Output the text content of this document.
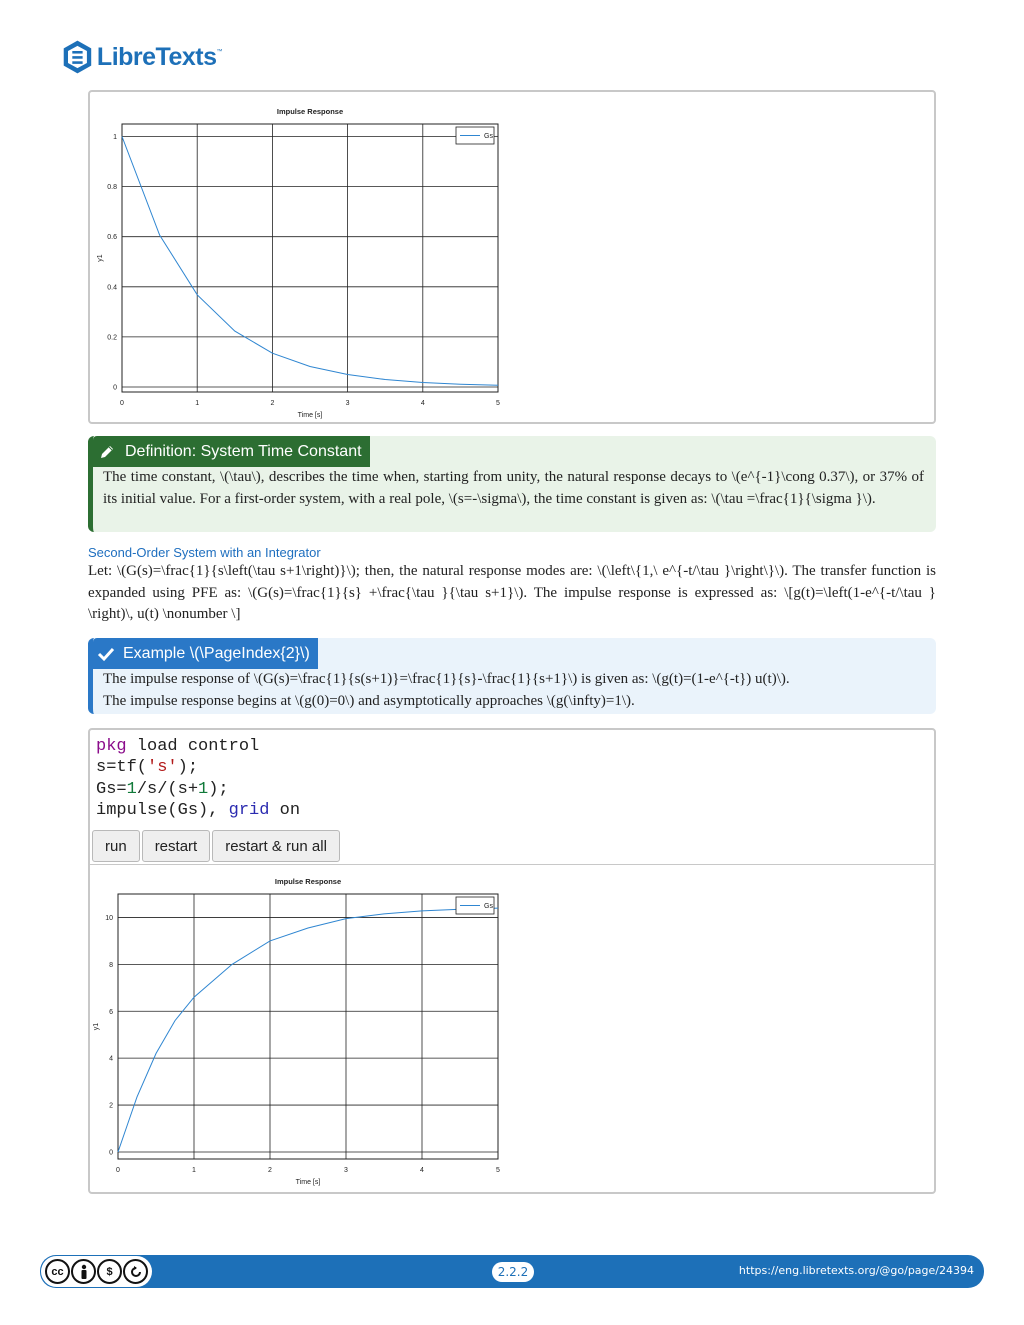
LibreTexts™
0	1	2	3	4	5
0
0.2
0.4
0.6
0.8
1
Impulse Response
Time [s]
y1
Gs
Definition: System Time Constant
The time constant, \(\tau\), describes the time when, starting from unity, the natural response decays to \(e^{-1}\cong 0.37\), or 37% of its initial value. For a first-order system, with a real pole, \(s=-\sigma\), the time constant is given as: \(\tau =\frac{1}{\sigma }\).
Second-Order System with an Integrator
Let: \(G(s)=\frac{1}{s\left(\tau s+1\right)}\); then, the natural response modes are: \(\left\{1,\ e^{-t/\tau }\right\}\). The transfer function is expanded using PFE as: \(G(s)=\frac{1}{s} +\frac{\tau }{\tau s+1}\). The impulse response is expressed as: \[g(t)=\left(1-e^{-t/\tau } \right)\, u(t) \nonumber \]
Example \(\PageIndex{2}\)
The impulse response of \(G(s)=\frac{1}{s(s+1)}=\frac{1}{s}-\frac{1}{s+1}\) is given as: \(g(t)=(1-e^{-t}) u(t)\).
The impulse response begins at \(g(0)=0\) and asymptotically approaches \(g(\infty)=1\).
pkg load control
s=tf('s');
Gs=1/s/(s+1);
impulse(Gs), grid on
run	restart	restart & run all
0	1	2	3	4	5
0
2
4
6
8
10
Impulse Response
Time [s]
y1
Gs
cc	$	2.2.2	https://eng.libretexts.org/@go/page/24394
